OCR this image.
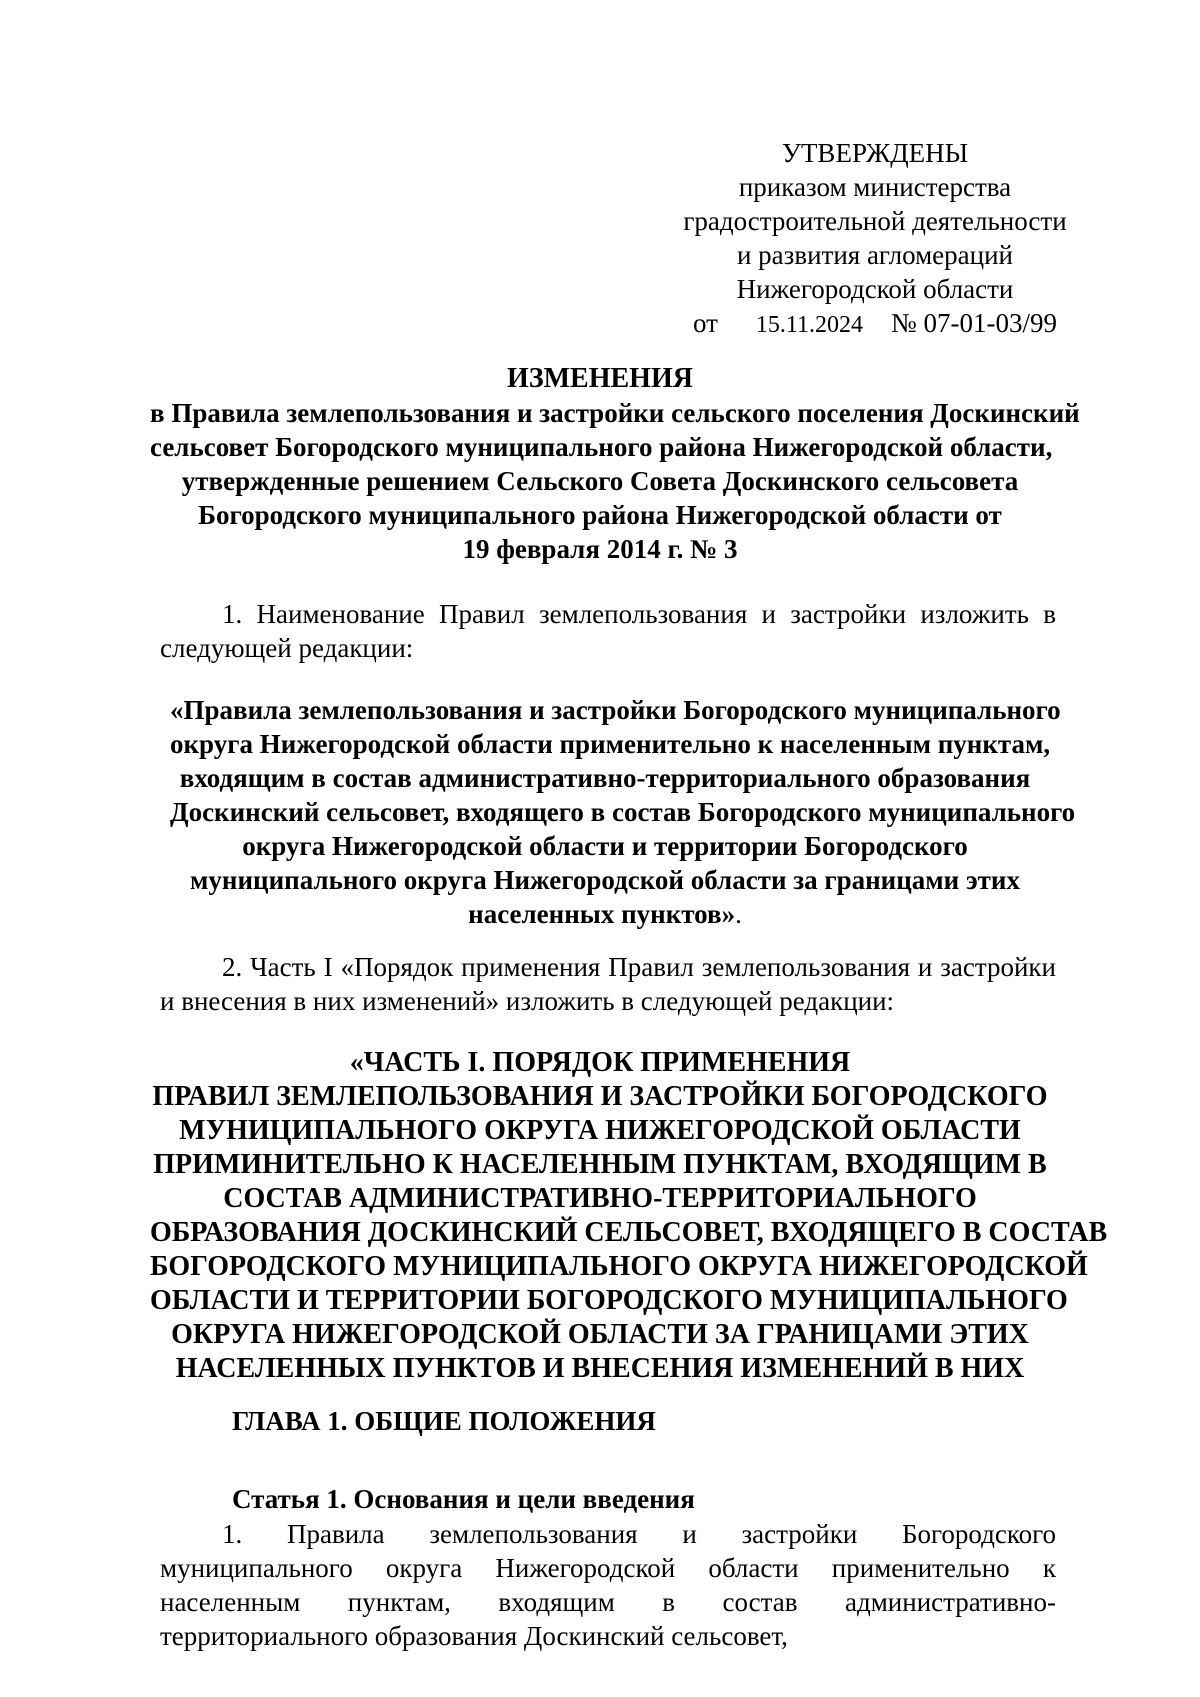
УТВЕРЖДЕНЫ
приказом министерства
градостроительной деятельности
и развития агломераций
Нижегородской области
от 15.11.2024 № 07-01-03/99
ИЗМЕНЕНИЯ
в Правила землепользования и застройки сельского поселения Доскинский
сельсовет Богородского муниципального района Нижегородской области,
утвержденные решением Сельского Совета Доскинского сельсовета
Богородского муниципального района Нижегородской области от
19 февраля 2014 г. № 3
1. Наименование Правил землепользования и застройки изложить в следующей редакции:
«Правила землепользования и застройки Богородского муниципального
округа Нижегородской области применительно к населенным пунктам,
входящим в состав административно-территориального образования
Доскинский сельсовет, входящего в состав Богородского муниципального
округа Нижегородской области и территории Богородского
муниципального округа Нижегородской области за границами этих
населенных пунктов».
2. Часть I «Порядок применения Правил землепользования и застройки и внесения в них изменений» изложить в следующей редакции:
«ЧАСТЬ I. ПОРЯДОК ПРИМЕНЕНИЯ
ПРАВИЛ ЗЕМЛЕПОЛЬЗОВАНИЯ И ЗАСТРОЙКИ БОГОРОДСКОГО
МУНИЦИПАЛЬНОГО ОКРУГА НИЖЕГОРОДСКОЙ ОБЛАСТИ
ПРИМИНИТЕЛЬНО К НАСЕЛЕННЫМ ПУНКТАМ, ВХОДЯЩИМ В
СОСТАВ АДМИНИСТРАТИВНО-ТЕРРИТОРИАЛЬНОГО
ОБРАЗОВАНИЯ ДОСКИНСКИЙ СЕЛЬСОВЕТ, ВХОДЯЩЕГО В СОСТАВ
БОГОРОДСКОГО МУНИЦИПАЛЬНОГО ОКРУГА НИЖЕГОРОДСКОЙ
ОБЛАСТИ И ТЕРРИТОРИИ БОГОРОДСКОГО МУНИЦИПАЛЬНОГО
ОКРУГА НИЖЕГОРОДСКОЙ ОБЛАСТИ ЗА ГРАНИЦАМИ ЭТИХ
НАСЕЛЕННЫХ ПУНКТОВ И ВНЕСЕНИЯ ИЗМЕНЕНИЙ В НИХ
ГЛАВА 1. ОБЩИЕ ПОЛОЖЕНИЯ
Статья 1. Основания и цели введения
1. Правила землепользования и застройки Богородского муниципального округа Нижегородской области применительно к населенным пунктам, входящим в состав административно-территориального образования Доскинский сельсовет,
